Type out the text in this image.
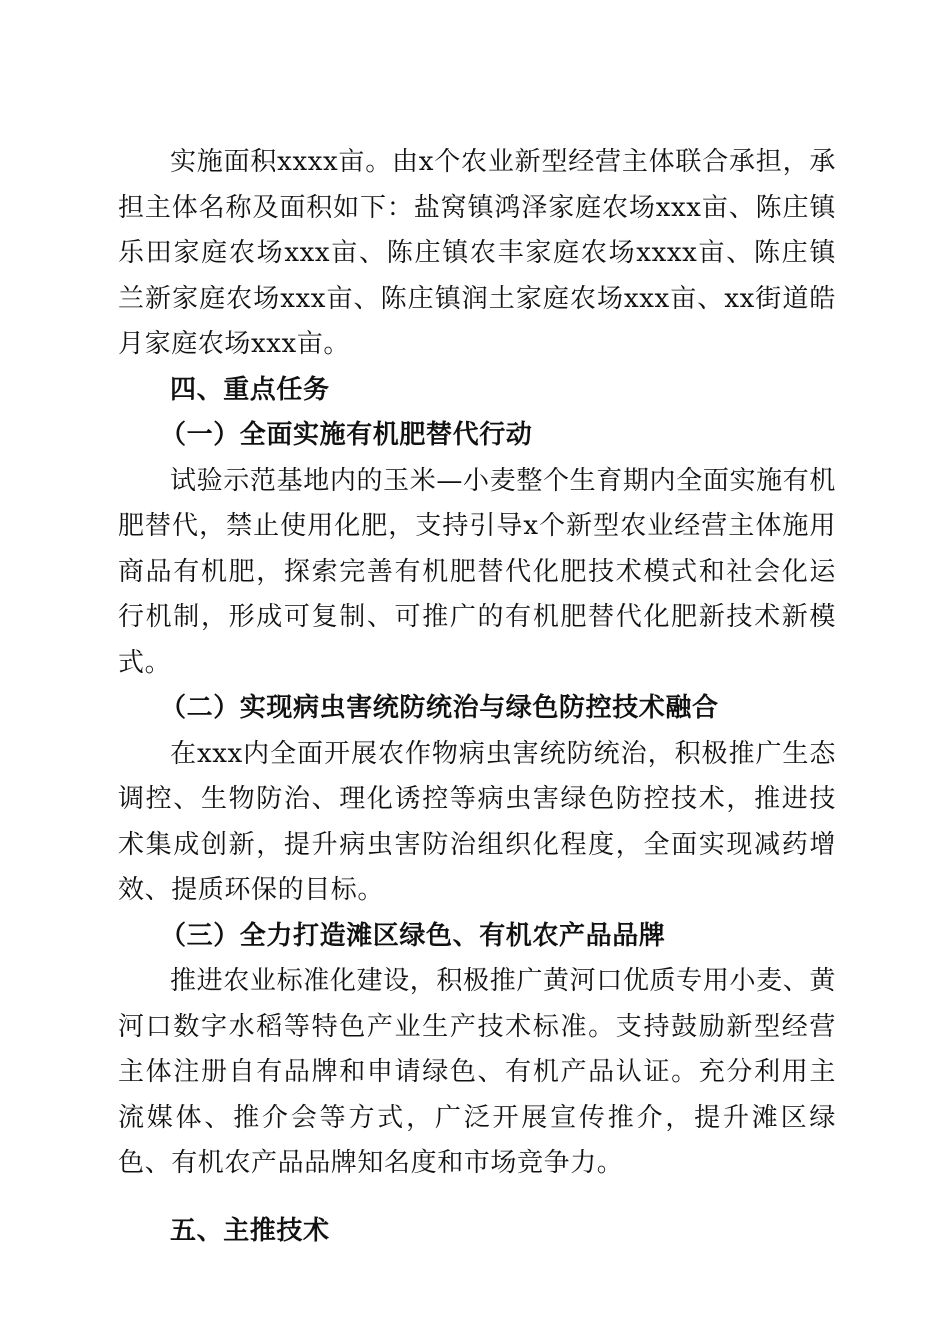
实施面积xxxx亩。由x个农业新型经营主体联合承担，承担主体名称及面积如下：盐窝镇鸿泽家庭农场xxx亩、陈庄镇乐田家庭农场xxx亩、陈庄镇农丰家庭农场xxxx亩、陈庄镇兰新家庭农场xxx亩、陈庄镇润土家庭农场xxx亩、xx街道皓月家庭农场xxx亩。

四、重点任务

（一）全面实施有机肥替代行动

试验示范基地内的玉米—小麦整个生育期内全面实施有机肥替代，禁止使用化肥，支持引导x个新型农业经营主体施用商品有机肥，探索完善有机肥替代化肥技术模式和社会化运行机制，形成可复制、可推广的有机肥替代化肥新技术新模式。

（二）实现病虫害统防统治与绿色防控技术融合

在xxx内全面开展农作物病虫害统防统治，积极推广生态调控、生物防治、理化诱控等病虫害绿色防控技术，推进技术集成创新，提升病虫害防治组织化程度，全面实现减药增效、提质环保的目标。

（三）全力打造滩区绿色、有机农产品品牌

推进农业标准化建设，积极推广黄河口优质专用小麦、黄河口数字水稻等特色产业生产技术标准。支持鼓励新型经营主体注册自有品牌和申请绿色、有机产品认证。充分利用主流媒体、推介会等方式，广泛开展宣传推介，提升滩区绿色、有机农产品品牌知名度和市场竞争力。

五、主推技术
